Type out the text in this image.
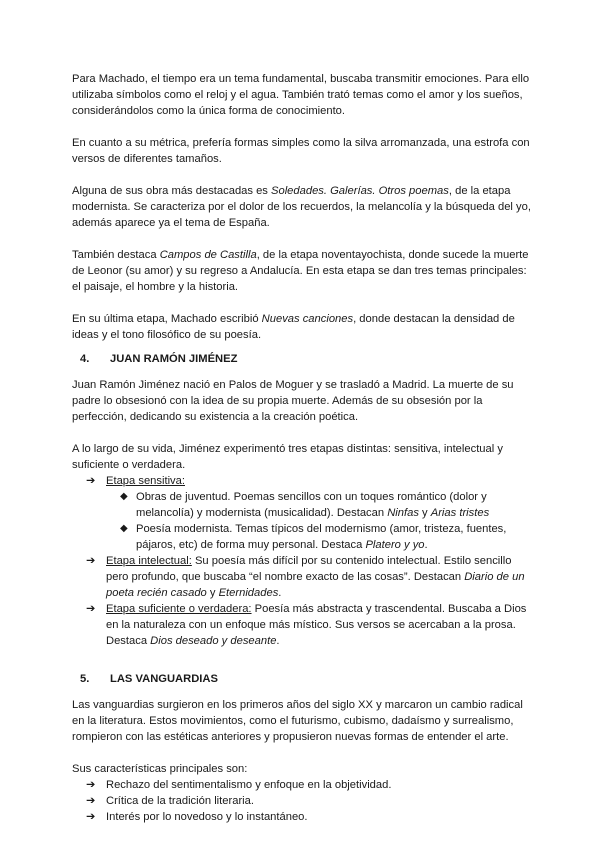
Para Machado, el tiempo era un tema fundamental, buscaba transmitir emociones. Para ello utilizaba símbolos como el reloj y el agua. También trató temas como el amor y los sueños, considerándolos como la única forma de conocimiento.

En cuanto a su métrica, prefería formas simples como la silva arromanzada, una estrofa con versos de diferentes tamaños.

Alguna de sus obra más destacadas es Soledades. Galerías. Otros poemas, de la etapa modernista. Se caracteriza por el dolor de los recuerdos, la melancolía y la búsqueda del yo, además aparece ya el tema de España.

También destaca Campos de Castilla, de la etapa noventayochista, donde sucede la muerte de Leonor (su amor) y su regreso a Andalucía. En esta etapa se dan tres temas principales: el paisaje, el hombre y la historia.

En su última etapa, Machado escribió Nuevas canciones, donde destacan la densidad de ideas y el tono filosófico de su poesía.

4.	JUAN RAMÓN JIMÉNEZ

Juan Ramón Jiménez nació en Palos de Moguer y se trasladó a Madrid. La muerte de su padre lo obsesionó con la idea de su propia muerte. Además de su obsesión por la perfección, dedicando su existencia a la creación poética.

A lo largo de su vida, Jiménez experimentó tres etapas distintas: sensitiva, intelectual y suficiente o verdadera.

➔ Etapa sensitiva:
◆ Obras de juventud. Poemas sencillos con un toques romántico (dolor y melancolía) y modernista (musicalidad). Destacan Ninfas y Arias tristes
◆ Poesía modernista. Temas típicos del modernismo (amor, tristeza, fuentes, pájaros, etc) de forma muy personal. Destaca Platero y yo.
➔ Etapa intelectual: Su poesía más difícil por su contenido intelectual. Estilo sencillo pero profundo, que buscaba “el nombre exacto de las cosas”. Destacan Diario de un poeta recién casado y Eternidades.
➔ Etapa suficiente o verdadera: Poesía más abstracta y trascendental. Buscaba a Dios en la naturaleza con un enfoque más místico. Sus versos se acercaban a la prosa. Destaca Dios deseado y deseante.
5.	LAS VANGUARDIAS

Las vanguardias surgieron en los primeros años del siglo XX y marcaron un cambio radical en la literatura. Estos movimientos, como el futurismo, cubismo, dadaísmo y surrealismo, rompieron con las estéticas anteriores y propusieron nuevas formas de entender el arte.

Sus características principales son:

➔ Rechazo del sentimentalismo y enfoque en la objetividad.
➔ Crítica de la tradición literaria.
➔ Interés por lo novedoso y lo instantáneo.
